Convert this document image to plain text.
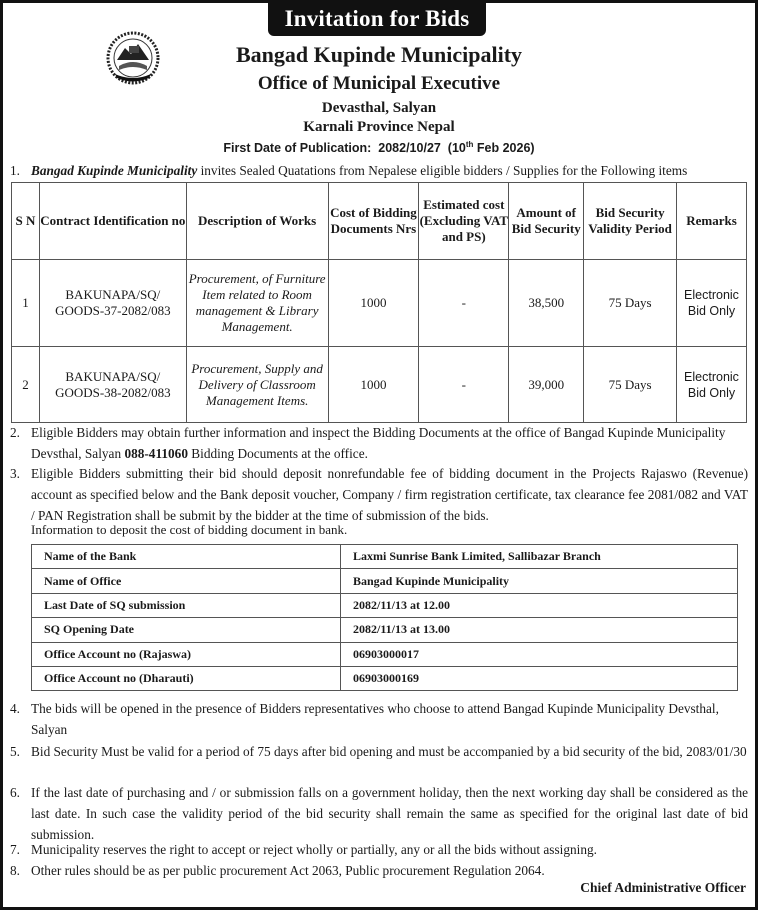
Invitation for Bids
Bangad Kupinde Municipality
Office of Municipal Executive
Devasthal, Salyan
Karnali Province Nepal
First Date of Publication: 2082/10/27  (10th Feb 2026)
1. Bangad Kupinde Municipality invites Sealed Quatations from Nepalese eligible bidders / Supplies for the Following items
S N	Contract Identification no	Description of Works	Cost of Bidding Documents Nrs	Estimated cost (Excluding VAT and PS)	Amount of Bid Security	Bid Security Validity Period	Remarks
1	BAKUNAPA/SQ/ GOODS-37-2082/083	Procurement, of Furniture Item related to Room management & Library Management.	1000	-	38,500	75 Days	Electronic Bid Only
2	BAKUNAPA/SQ/ GOODS-38-2082/083	Procurement, Supply and Delivery of Classroom Management Items.	1000	-	39,000	75 Days	Electronic Bid Only
2. Eligible Bidders may obtain further information and inspect the Bidding Documents at the office of Bangad Kupinde Municipality Devsthal, Salyan 088-411060 Bidding Documents at the office.
3. Eligible Bidders submitting their bid should deposit nonrefundable fee of bidding document in the Projects Rajaswo (Revenue) account as specified below and the Bank deposit voucher, Company / firm registration certificate, tax clearance fee 2081/082 and VAT / PAN Registration shall be submit by the bidder at the time of submission of the bids.
Information to deposit the cost of bidding document in bank.
Name of the Bank	Laxmi Sunrise Bank Limited, Sallibazar Branch
Name of Office	Bangad Kupinde Municipality
Last Date of SQ submission	2082/11/13 at 12.00
SQ Opening Date	2082/11/13 at 13.00
Office Account no (Rajaswa)	06903000017
Office Account no (Dharauti)	06903000169
4. The bids will be opened in the presence of Bidders representatives who choose to attend Bangad Kupinde Municipality Devsthal, Salyan
5. Bid Security Must be valid for a period of 75 days after bid opening and must be accompanied by a bid security of the bid, 2083/01/30
6. If the last date of purchasing and / or submission falls on a government holiday, then the next working day shall be considered as the last date. In such case the validity period of the bid security shall remain the same as specified for the original last date of bid submission.
7. Municipality reserves the right to accept or reject wholly or partially, any or all the bids without assigning.
8. Other rules should be as per public procurement Act 2063, Public procurement Regulation 2064.
Chief Administrative Officer
